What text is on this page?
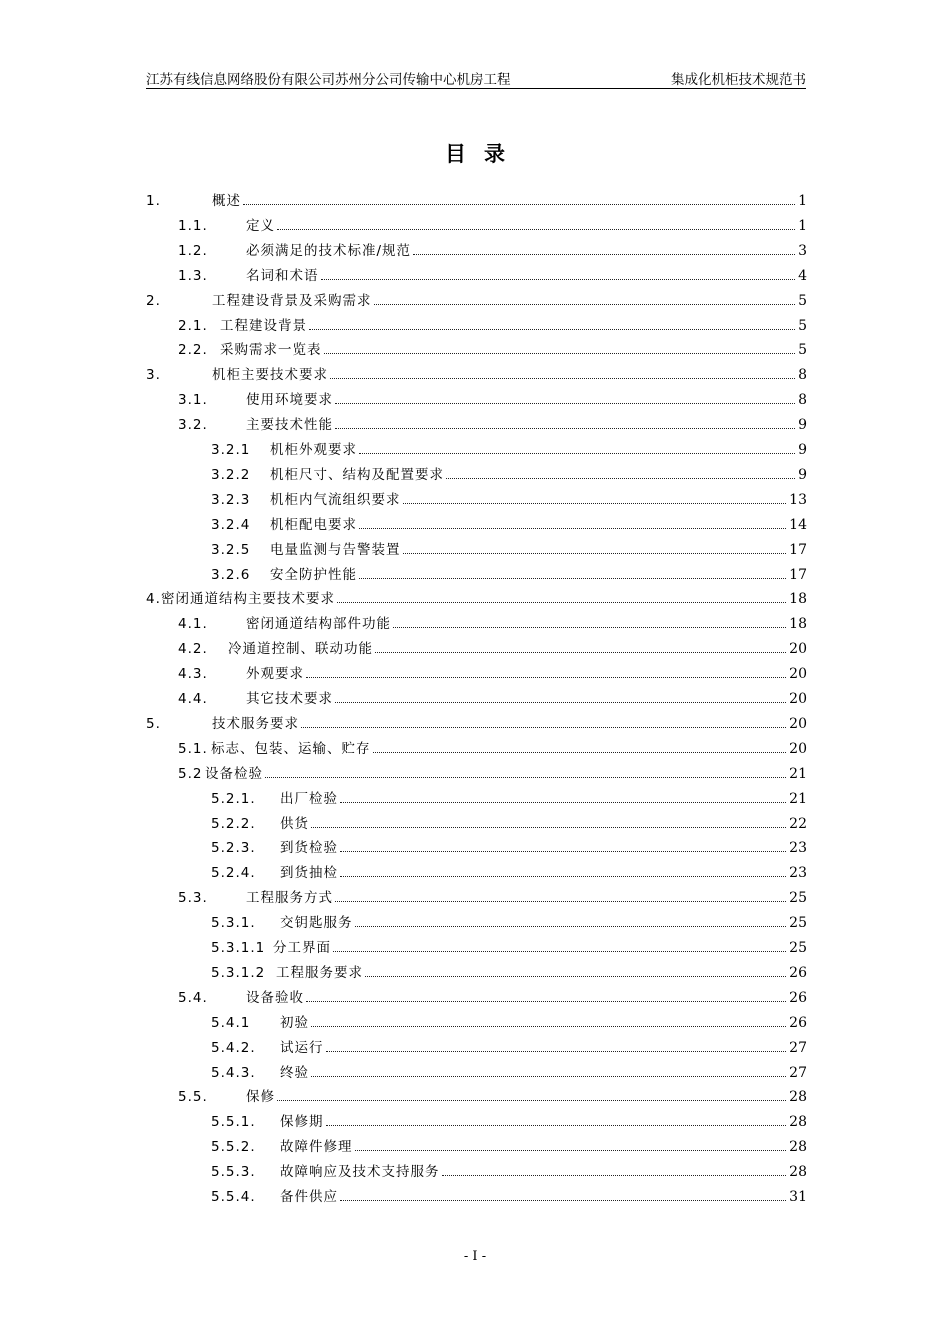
江苏有线信息网络股份有限公司苏州分公司传输中心机房工程	集成化机柜技术规范书
目录
1.	概述	1
1.1.	定义	1
1.2.	必须满足的技术标准/规范	3
1.3.	名词和术语	4
2.	工程建设背景及采购需求	5
2.1. 工程建设背景	5
2.2. 采购需求一览表	5
3.	机柜主要技术要求	8
3.1.	使用环境要求	8
3.2.	主要技术性能	9
3.2.1	机柜外观要求	9
3.2.2	机柜尺寸、结构及配置要求	9
3.2.3	机柜内气流组织要求	13
3.2.4	机柜配电要求	14
3.2.5	电量监测与告警装置	17
3.2.6	安全防护性能	17
4. 密闭通道结构主要技术要求	18
4.1.	密闭通道结构部件功能	18
4.2.	冷通道控制、联动功能	20
4.3.	外观要求	20
4.4.	其它技术要求	20
5.	技术服务要求	20
5.1. 标志、包装、运输、贮存	20
5.2 设备检验	21
5.2.1.	出厂检验	21
5.2.2.	供货	22
5.2.3.	到货检验	23
5.2.4.	到货抽检	23
5.3.	工程服务方式	25
5.3.1.	交钥匙服务	25
5.3.1.1 分工界面	25
5.3.1.2 工程服务要求	26
5.4.	设备验收	26
5.4.1	初验	26
5.4.2.	试运行	27
5.4.3.	终验	27
5.5.	保修	28
5.5.1.	保修期	28
5.5.2.	故障件修理	28
5.5.3.	故障响应及技术支持服务	28
5.5.4.	备件供应	31
- I -
